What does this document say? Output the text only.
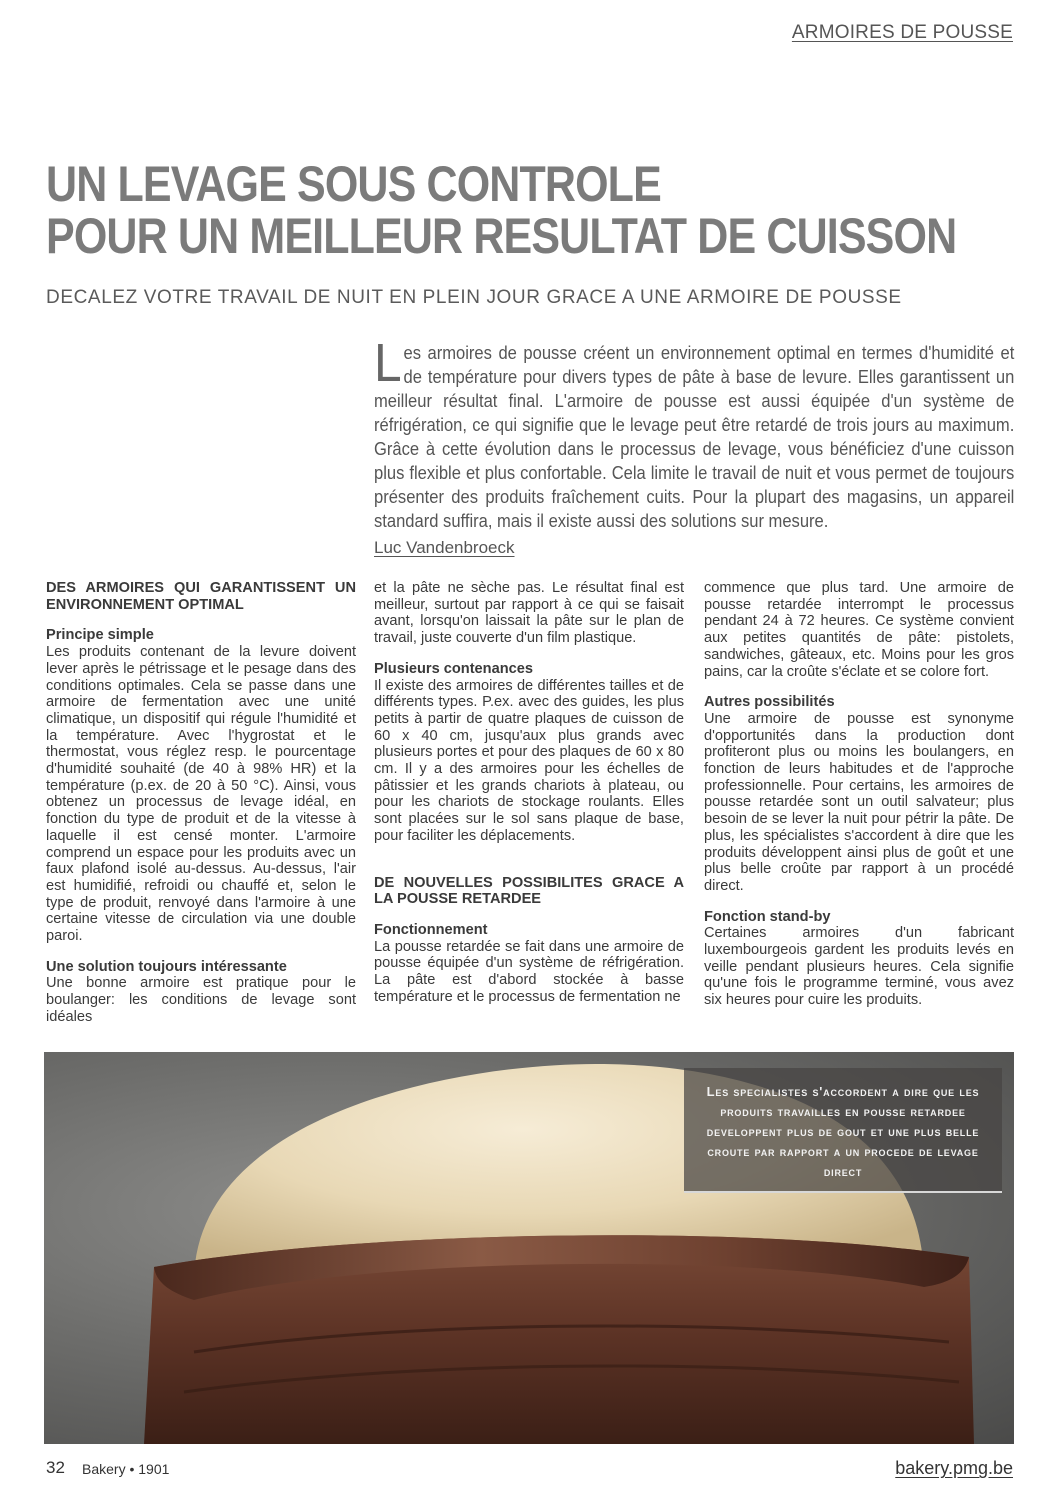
ARMOIRES DE POUSSE
UN LEVAGE SOUS CONTROLE
POUR UN MEILLEUR RESULTAT DE CUISSON

DECALEZ VOTRE TRAVAIL DE NUIT EN PLEIN JOUR GRACE A UNE ARMOIRE DE POUSSE

Les armoires de pousse créent un environnement optimal en termes d'humidité et de température pour divers types de pâte à base de levure. Elles garantissent un meilleur résultat final. L'armoire de pousse est aussi équipée d'un système de réfrigération, ce qui signifie que le levage peut être retardé de trois jours au maximum. Grâce à cette évolution dans le processus de levage, vous bénéficiez d'une cuisson plus flexible et plus confortable. Cela limite le travail de nuit et vous permet de toujours présenter des produits fraîchement cuits. Pour la plupart des magasins, un appareil standard suffira, mais il existe aussi des solutions sur mesure.

Luc Vandenbroeck
DES ARMOIRES QUI GARANTISSENT UN ENVIRONNEMENT OPTIMAL
Principe simple

Les produits contenant de la levure doivent lever après le pétrissage et le pesage dans des conditions optimales. Cela se passe dans une armoire de fermentation avec une unité climatique, un dispositif qui régule l'humidité et la température. Avec l'hygrostat et le thermostat, vous réglez resp. le pourcentage d'humidité souhaité (de 40 à 98% HR) et la température (p.ex. de 20 à 50 °C). Ainsi, vous obtenez un processus de levage idéal, en fonction du type de produit et de la vitesse à laquelle il est censé monter. L'armoire comprend un espace pour les produits avec un faux plafond isolé au-dessus. Au-dessus, l'air est humidifié, refroidi ou chauffé et, selon le type de produit, renvoyé dans l'armoire à une certaine vitesse de circulation via une double paroi.

Une solution toujours intéressante

Une bonne armoire est pratique pour le boulanger: les conditions de levage sont idéales

et la pâte ne sèche pas. Le résultat final est meilleur, surtout par rapport à ce qui se faisait avant, lorsqu'on laissait la pâte sur le plan de travail, juste couverte d'un film plastique.

Plusieurs contenances

Il existe des armoires de différentes tailles et de différents types. P.ex. avec des guides, les plus petits à partir de quatre plaques de cuisson de 60 x 40 cm, jusqu'aux plus grands avec plusieurs portes et pour des plaques de 60 x 80 cm. Il y a des armoires pour les échelles de pâtissier et les grands chariots à plateau, ou pour les chariots de stockage roulants. Elles sont placées sur le sol sans plaque de base, pour faciliter les déplacements.

DE NOUVELLES POSSIBILITES GRACE A LA POUSSE RETARDEE
Fonctionnement

La pousse retardée se fait dans une armoire de pousse équipée d'un système de réfrigération. La pâte est d'abord stockée à basse température et le processus de fermentation ne

commence que plus tard. Une armoire de pousse retardée interrompt le processus pendant 24 à 72 heures. Ce système convient aux petites quantités de pâte: pistolets, sandwiches, gâteaux, etc. Moins pour les gros pains, car la croûte s'éclate et se colore fort.

Autres possibilités

Une armoire de pousse est synonyme d'opportunités dans la production dont profiteront plus ou moins les boulangers, en fonction de leurs habitudes et de l'approche professionnelle. Pour certains, les armoires de pousse retardée sont un outil salvateur; plus besoin de se lever la nuit pour pétrir la pâte. De plus, les spécialistes s'accordent à dire que les produits développent ainsi plus de goût et une plus belle croûte par rapport à un procédé direct.

Fonction stand-by

Certaines armoires d'un fabricant luxembourgeois gardent les produits levés en veille pendant plusieurs heures. Cela signifie qu'une fois le programme terminé, vous avez six heures pour cuire les produits.

Les specialistes s'accordent a dire que les produits travailles en pousse retardee developpent plus de gout et une plus belle croute par rapport a un procede de levage direct
32 Bakery • 1901	bakery.pmg.be
